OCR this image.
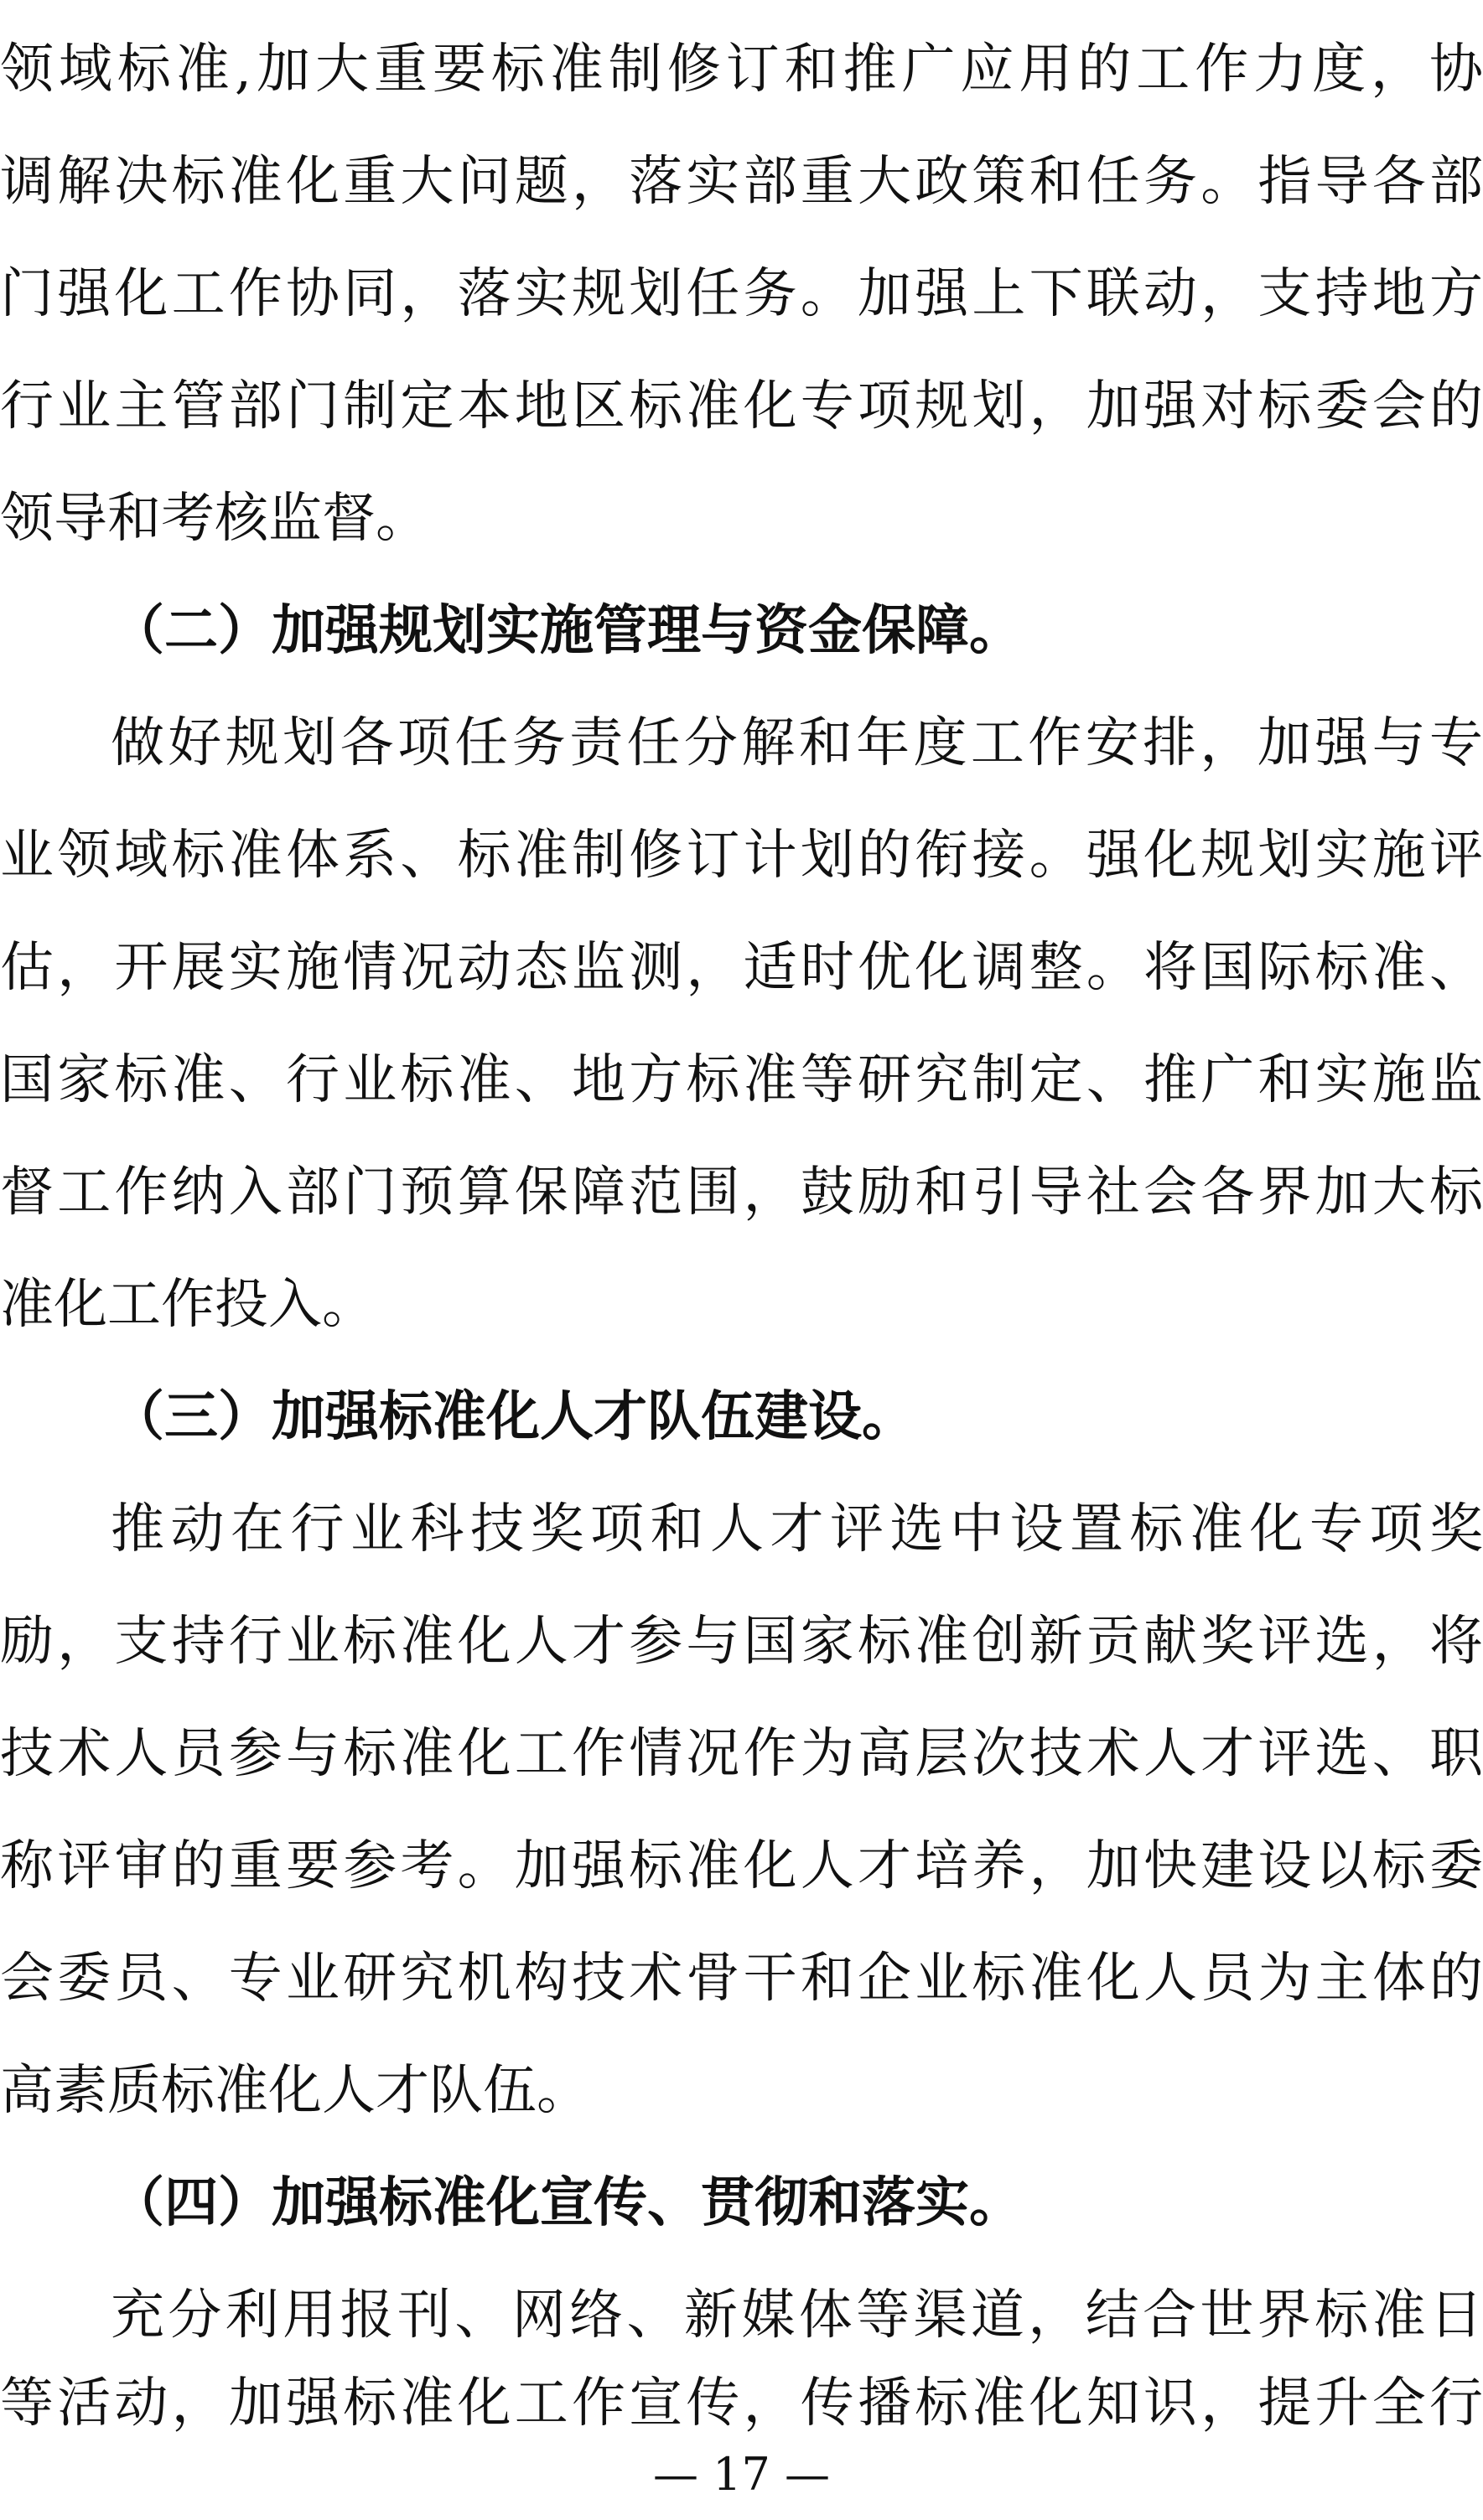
领域标准,加大重要标准制修订和推广应用的工作力度，协
调解决标准化重大问题，落实部重大政策和任务。指导各部
门强化工作协同，落实规划任务。加强上下联动，支持地方
行业主管部门制定本地区标准化专项规划，加强对标委会的
领导和考核监督。
（二）加强规划实施管理与资金保障。
做好规划各项任务责任分解和年度工作安排，加强与专
业领域标准体系、标准制修订计划的衔接。强化规划实施评
估，开展实施情况动态监测，适时优化调整。将国际标准、
国家标准、行业标准、地方标准等研究制定、推广和实施监
督工作纳入部门预算保障范围，鼓励和引导社会各界加大标
准化工作投入。
（三）加强标准化人才队伍建设。
推动在行业科技奖项和人才评选中设置标准化专项奖
励，支持行业标准化人才参与国家标准创新贡献奖评选，将
技术人员参与标准化工作情况作为高层次技术人才评选、职
称评审的重要参考。加强标准化人才培养，加快建设以标委
会委员、专业研究机构技术骨干和企业标准化人员为主体的
高素质标准化人才队伍。
（四）加强标准化宣传、贯彻和落实。
充分利用报刊、网络、新媒体等渠道，结合世界标准日
等活动，加强标准化工作宣传，传播标准化知识，提升全行
— 17 —
